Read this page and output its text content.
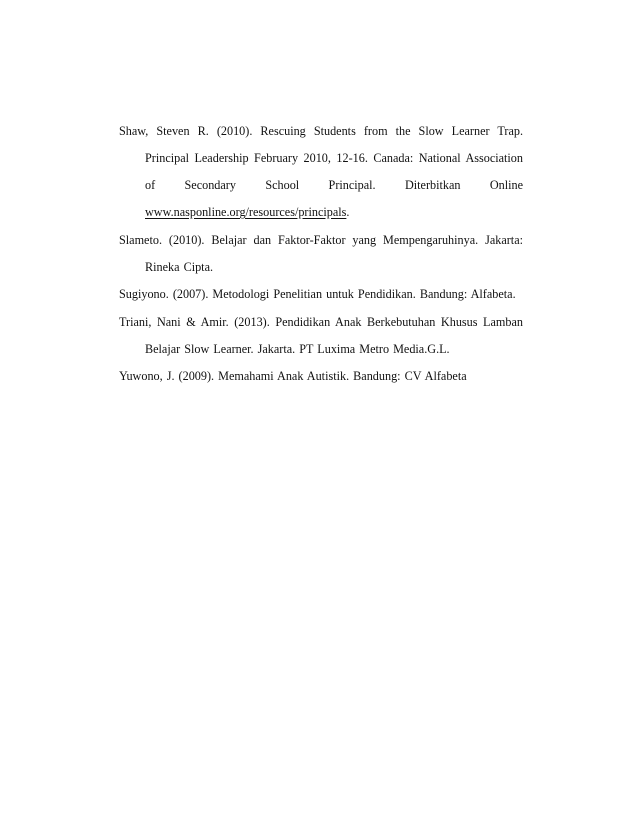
Shaw, Steven R. (2010). Rescuing Students from the Slow Learner Trap. Principal Leadership February 2010, 12-16. Canada: National Association of Secondary School Principal. Diterbitkan Online www.nasponline.org/resources/principals.

Slameto. (2010). Belajar dan Faktor-Faktor yang Mempengaruhinya. Jakarta: Rineka Cipta.

Sugiyono. (2007). Metodologi Penelitian untuk Pendidikan. Bandung: Alfabeta.

Triani, Nani & Amir. (2013). Pendidikan Anak Berkebutuhan Khusus Lamban Belajar Slow Learner. Jakarta. PT Luxima Metro Media.G.L.

Yuwono, J. (2009). Memahami Anak Autistik. Bandung: CV Alfabeta
